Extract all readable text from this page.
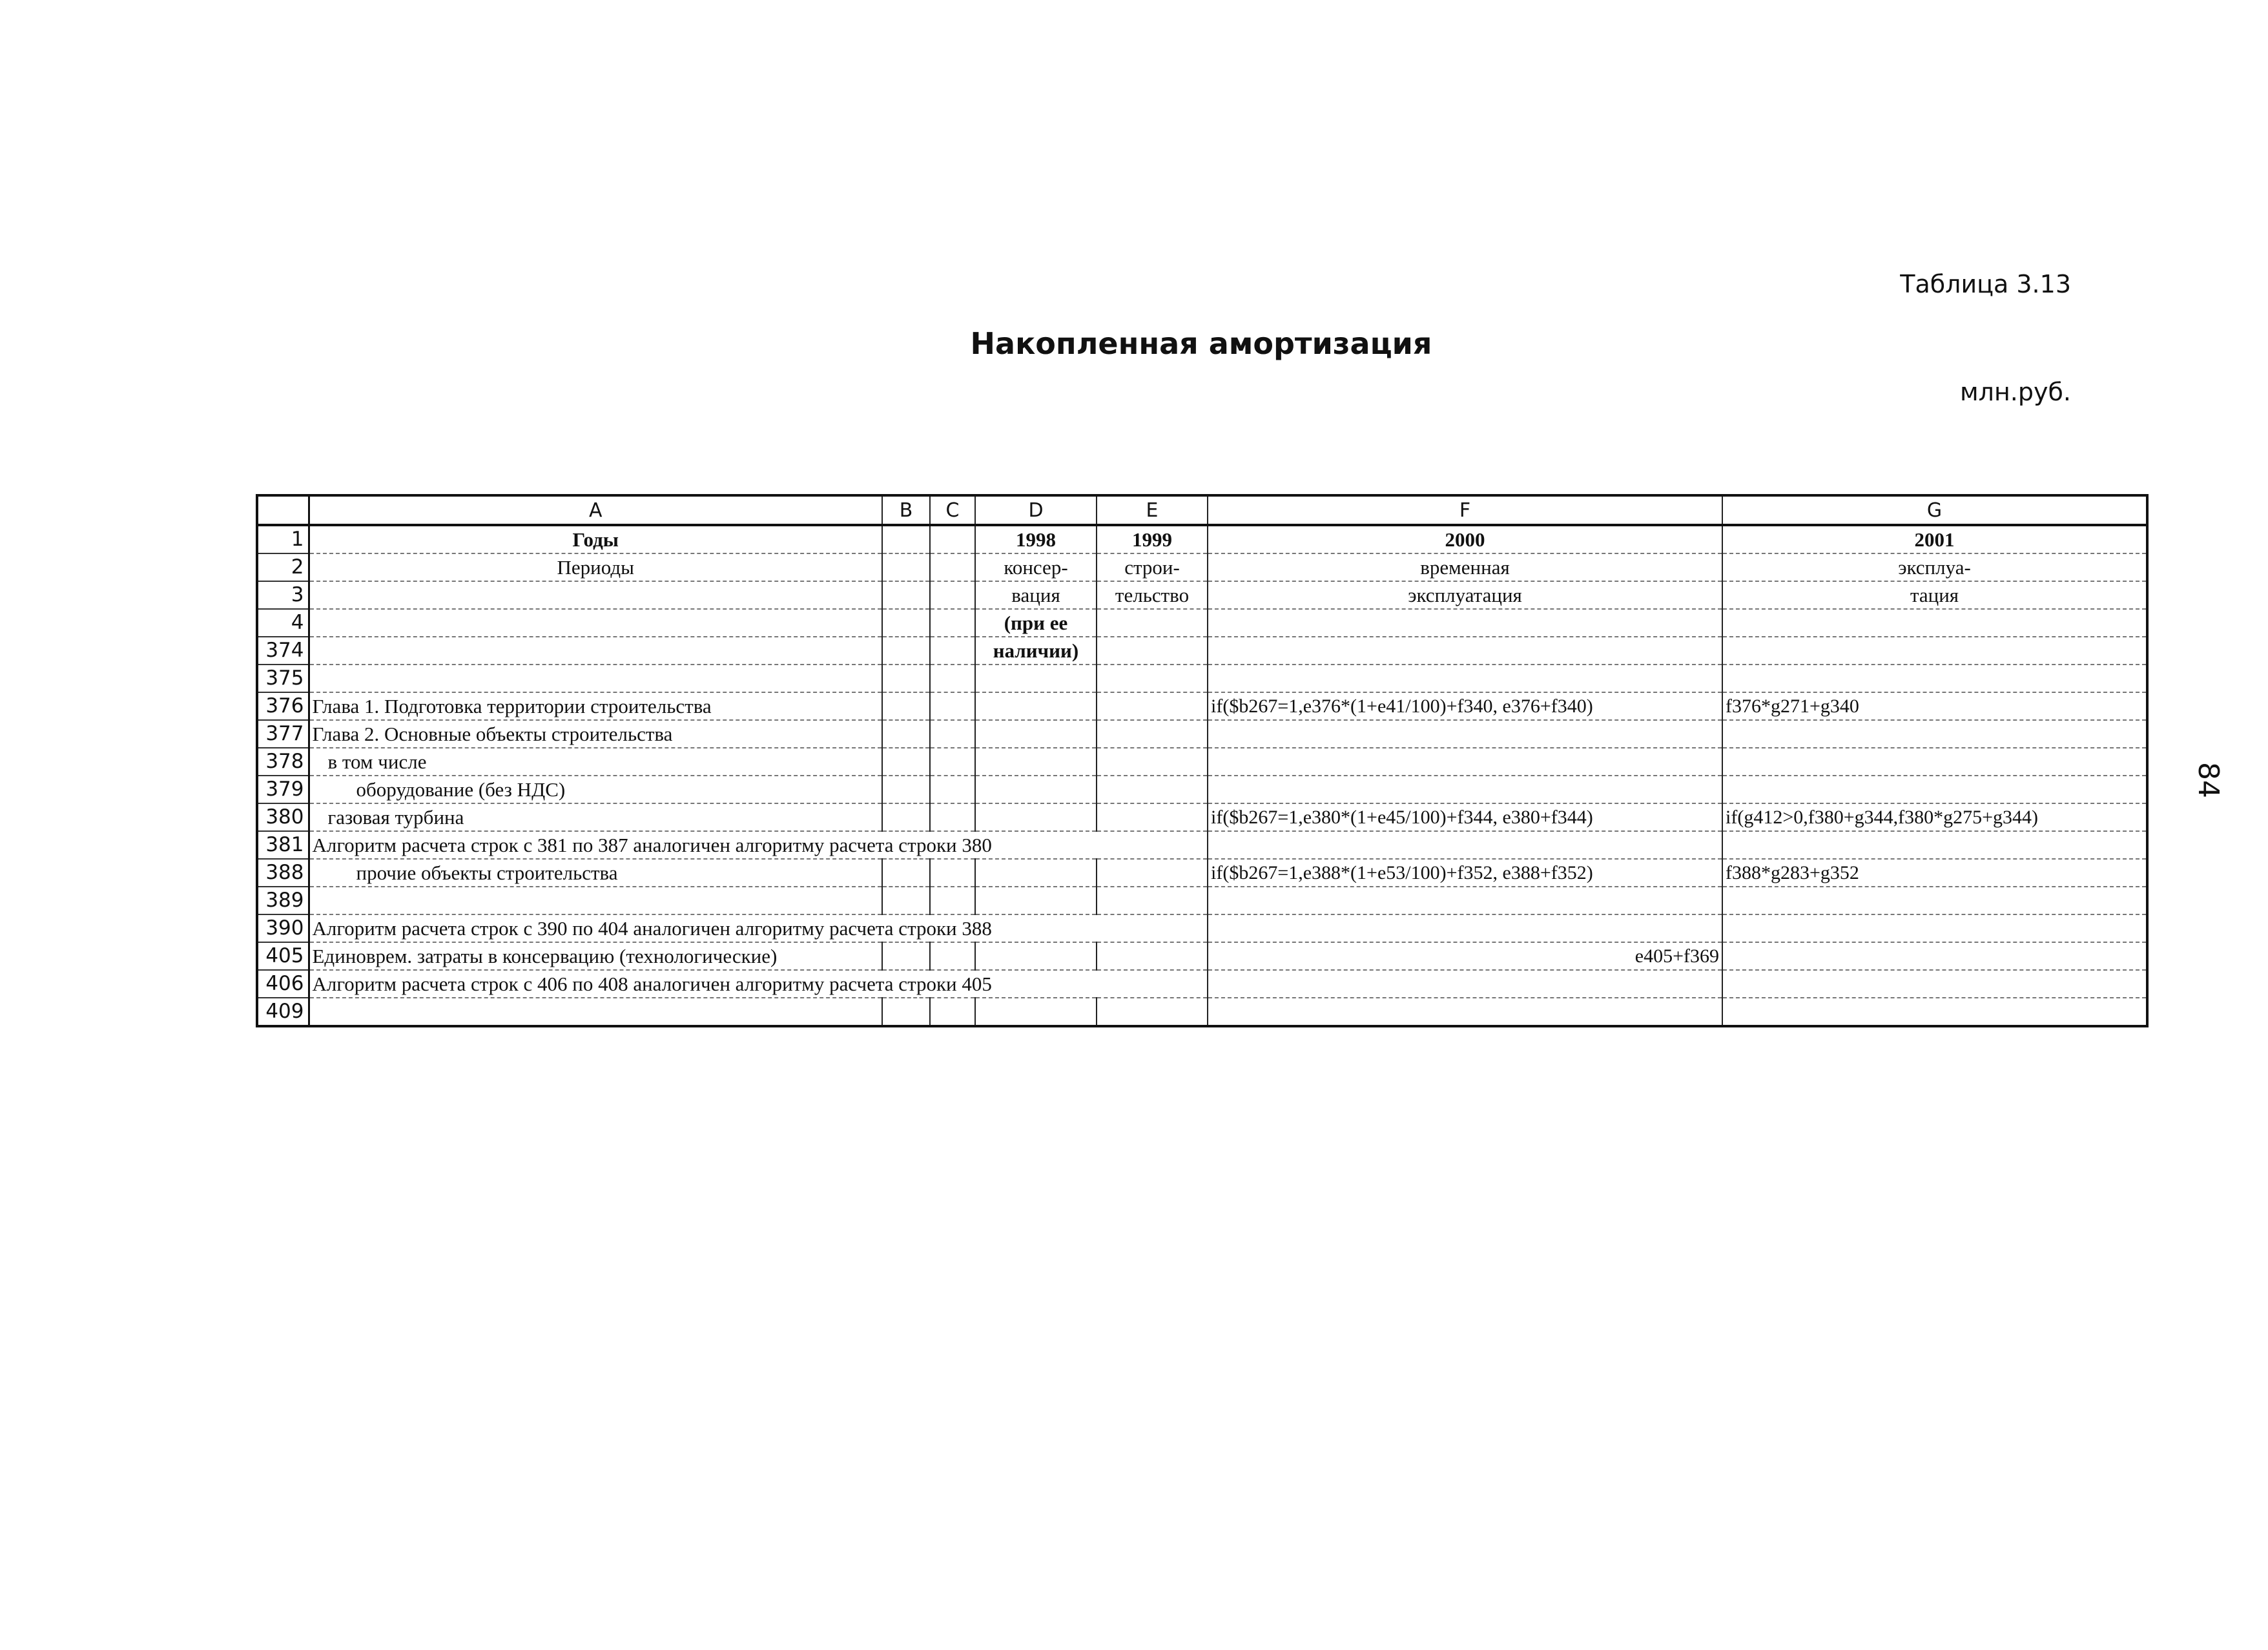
Таблица 3.13
Накопленная амортизация
млн.руб.
84
	A	B	C	D	E	F	G
1	Годы			1998	1999	2000	2001
2	Периоды			консер-	строи-	временная	эксплуа-
3				вация	тельство	эксплуатация	тация
4				(при ее			
374				наличии)			
375							
376	Глава 1. Подготовка территории строительства					if($b267=1,e376*(1+e41/100)+f340, e376+f340)	f376*g271+g340
377	Глава 2. Основные объекты строительства						
378	в том числе						
379	оборудование (без НДС)						
380	газовая турбина					if($b267=1,e380*(1+e45/100)+f344, e380+f344)	if(g412>0,f380+g344,f380*g275+g344)
381	Алгоритм расчета строк с 381 по 387 аналогичен алгоритму расчета строки 380						
388	прочие объекты строительства					if($b267=1,e388*(1+e53/100)+f352, e388+f352)	f388*g283+g352
389							
390	Алгоритм расчета строк с 390 по 404 аналогичен алгоритму расчета строки 388						
405	Единоврем. затраты в консервацию (технологические)					e405+f369	
406	Алгоритм расчета строк с 406 по 408 аналогичен алгоритму расчета строки 405						
409							
